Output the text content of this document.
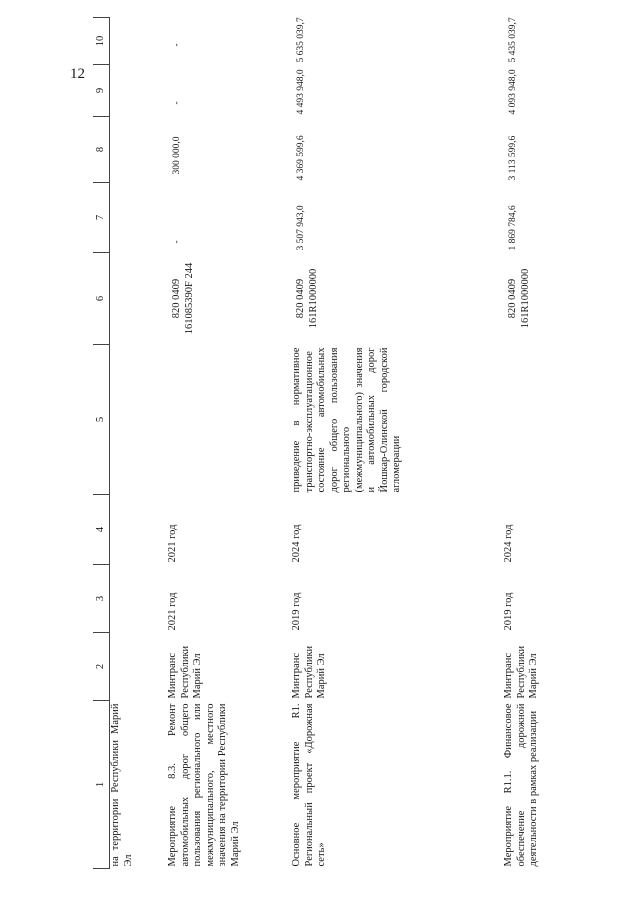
12
1	2	3	4	5	6	7	8	9	10
на территории Республики Марий Эл									
Мероприятие 8.3. Ремонт автомобильных дорог общего пользования регионального или межмуниципального, местного значения на территории Республики Марий Эл	Минтранс Республики Марий Эл	2021 год	2021 год		820 0409 161085390F 244	-	300 000,0	-	-
Основное мероприятие R1. Региональный проект «Дорожная сеть»	Минтранс Республики Марий Эл	2019 год	2024 год	приведение в нормативное транспортно-эксплуатационное состояние автомобильных дорог общего пользования регионального (межмуниципального) значения и автомобильных дорог Йошкар-Олинской городской агломерации	820 0409 161R1000000	3 507 943,0	4 369 599,6	4 493 948,0	5 635 039,7
Мероприятие R1.1. Финансовое обеспечение дорожной деятельности в рамках реализации	Минтранс Республики Марий Эл	2019 год	2024 год		820 0409 161R1000000	1 869 784,6	3 113 599,6	4 093 948,0	5 435 039,7
